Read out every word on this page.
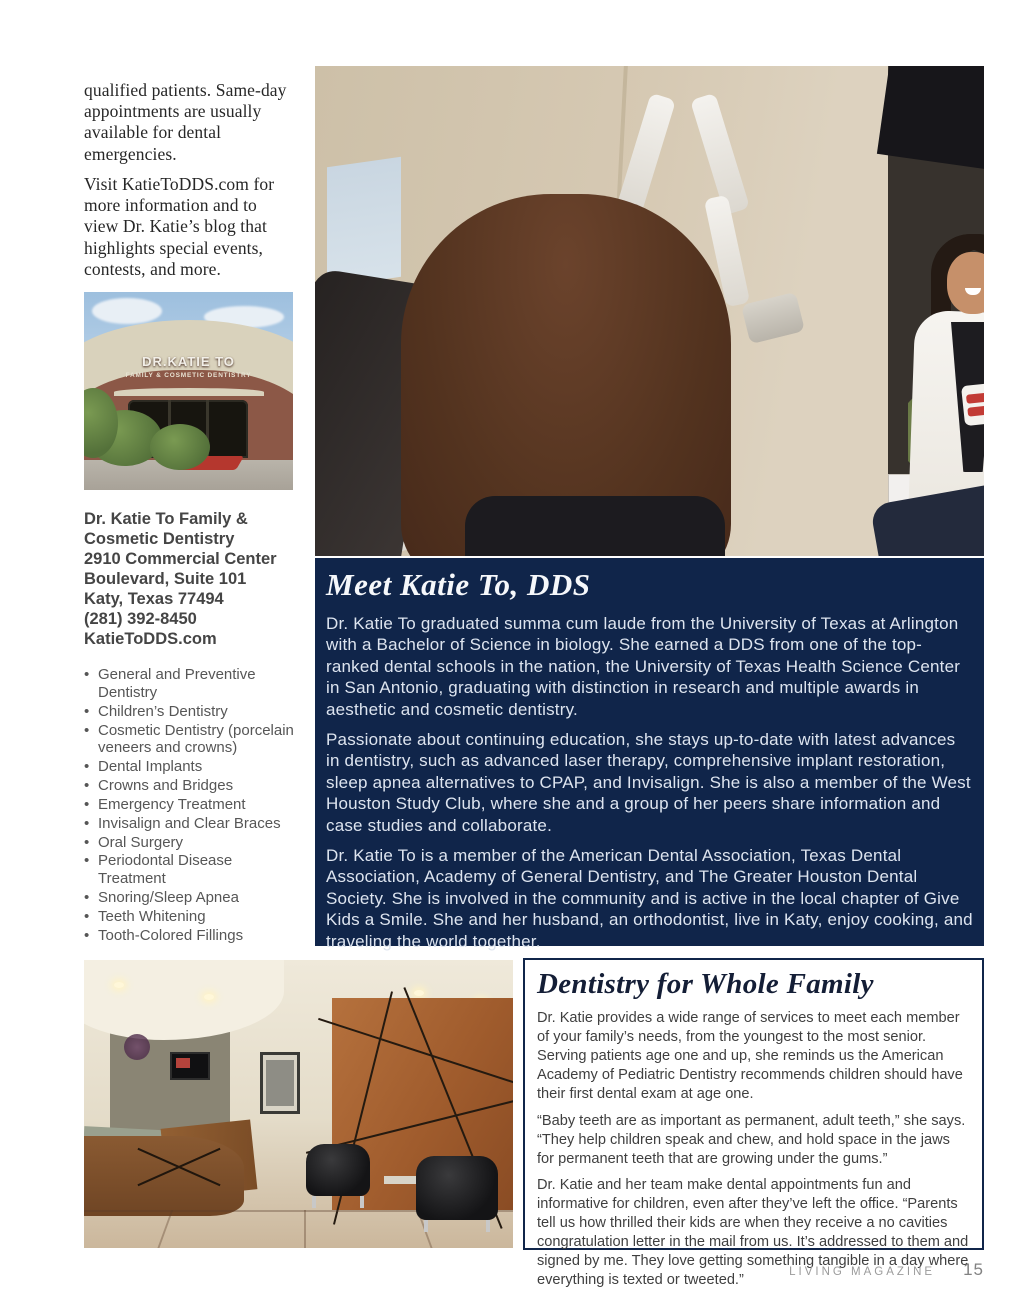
qualified patients. Same-day appointments are usually available for dental emergencies.
Visit KatieToDDS.com for more information and to view Dr. Katie’s blog that highlights special events, contests, and more.
DR.KATIE TO
FAMILY & COSMETIC DENTISTRY
Dr. Katie To Family &
Cosmetic Dentistry
2910 Commercial Center
Boulevard, Suite 101
Katy, Texas 77494
(281) 392-8450
KatieToDDS.com
• General and Preventive Dentistry
• Children’s Dentistry
• Cosmetic Dentistry (porcelain veneers and crowns)
• Dental Implants
• Crowns and Bridges
• Emergency Treatment
• Invisalign and Clear Braces
• Oral Surgery
• Periodontal Disease Treatment
• Snoring/Sleep Apnea
• Teeth Whitening
• Tooth-Colored Fillings
Meet Katie To, DDS

Dr. Katie To graduated summa cum laude from the University of Texas at Arlington with a Bachelor of Science in biology. She earned a DDS from one of the top-ranked dental schools in the nation, the University of Texas Health Science Center in San Antonio, graduating with distinction in research and multiple awards in aesthetic and cosmetic dentistry.

Passionate about continuing education, she stays up-to-date with latest advances in dentistry, such as advanced laser therapy, comprehensive implant restoration, sleep apnea alternatives to CPAP, and Invisalign. She is also a member of the West Houston Study Club, where she and a group of her peers share information and case studies and collaborate.

Dr. Katie To is a member of the American Dental Association, Texas Dental Association, Academy of General Dentistry, and The Greater Houston Dental Society. She is involved in the community and is active in the local chapter of Give Kids a Smile. She and her husband, an orthodontist, live in Katy, enjoy cooking, and traveling the world together.

Dentistry for Whole Family

Dr. Katie provides a wide range of services to meet each member of your family’s needs, from the youngest to the most senior. Serving patients age one and up, she reminds us the American Academy of Pediatric Dentistry recommends children should have their first dental exam at age one.

“Baby teeth are as important as permanent, adult teeth,” she says. “They help children speak and chew, and hold space in the jaws for permanent teeth that are growing under the gums.”

Dr. Katie and her team make dental appointments fun and informative for children, even after they’ve left the office. “Parents tell us how thrilled their kids are when they receive a no cavities congratulation letter in the mail from us. It’s addressed to them and signed by me. They love getting something tangible in a day where everything is texted or tweeted.”

LIVING MAGAZINE 15
